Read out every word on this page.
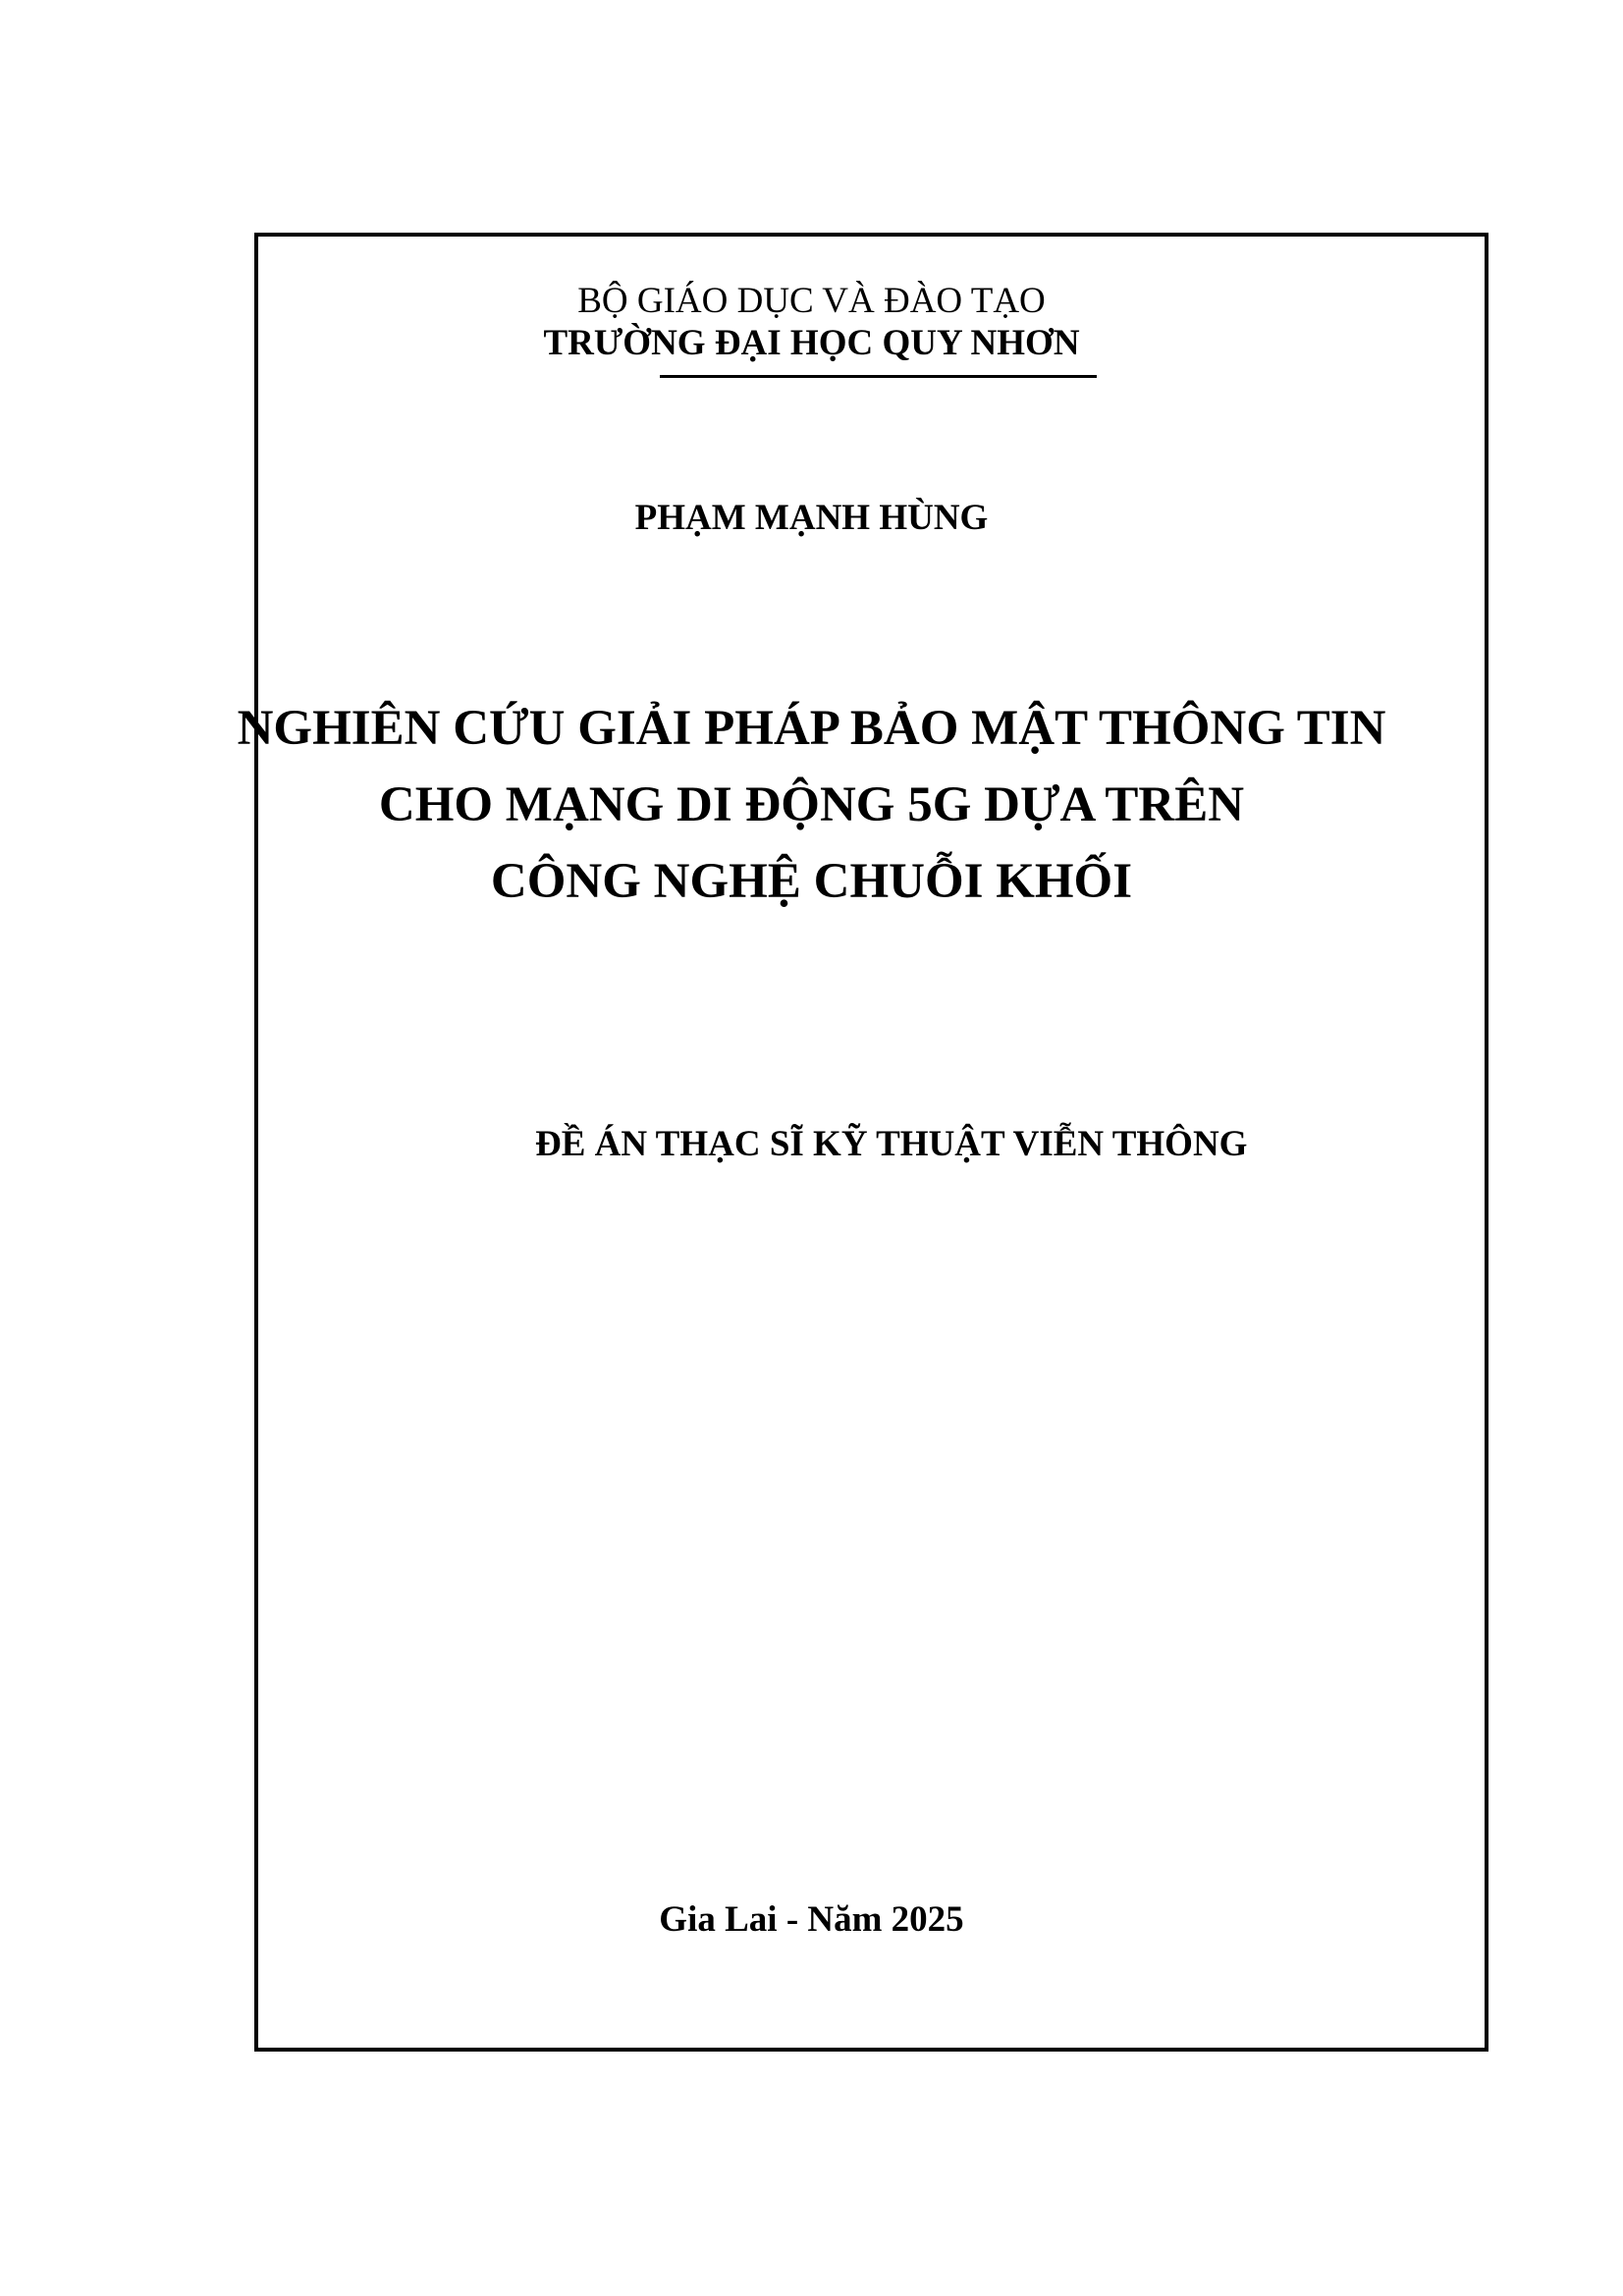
BỘ GIÁO DỤC VÀ ĐÀO TẠO
TRƯỜNG ĐẠI HỌC QUY NHƠN
PHẠM MẠNH HÙNG
NGHIÊN CỨU GIẢI PHÁP BẢO MẬT THÔNG TIN
CHO MẠNG DI ĐỘNG 5G DỰA TRÊN
CÔNG NGHỆ CHUỖI KHỐI
ĐỀ ÁN THẠC SĨ KỸ THUẬT VIỄN THÔNG
Gia Lai - Năm 2025
